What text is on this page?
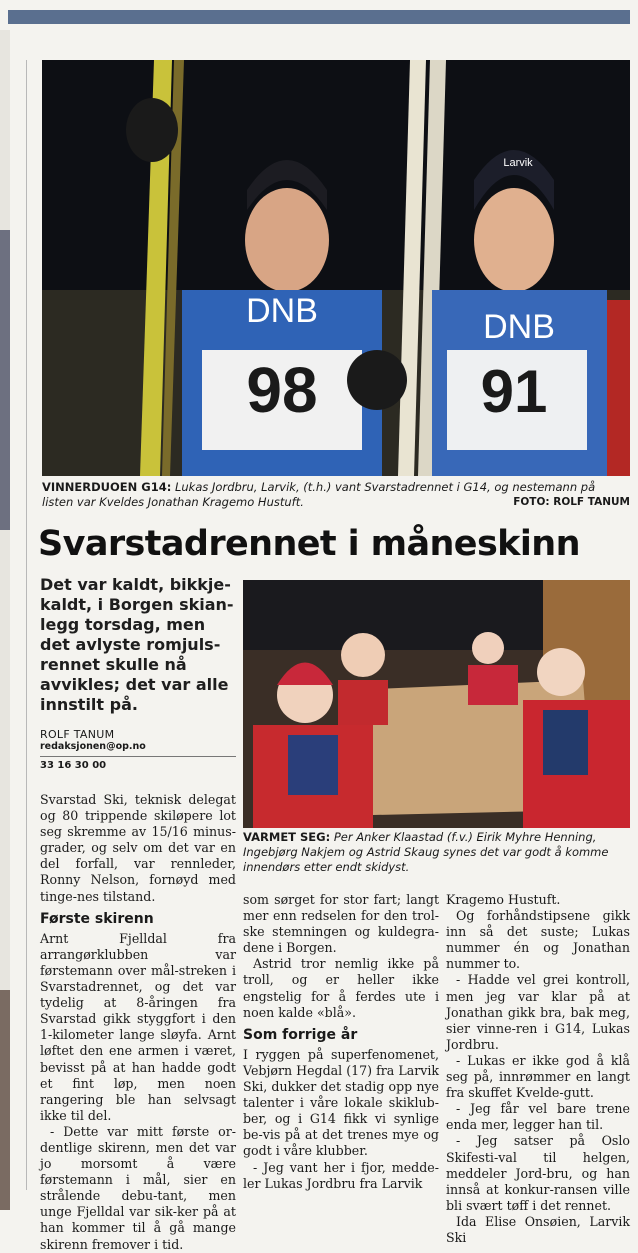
DNB
98
DNB
91
Larvik
VINNERDUOEN G14: Lukas Jordbru, Larvik, (t.h.) vant Svarstadrennet i G14, og nestemann på listen var Kveldes Jonathan Kragemo Hustuft.	FOTO: ROLF TANUM
Svarstadrennet i måneskinn
Det var kaldt, bikkje-kaldt, i Borgen skian-legg torsdag, men det avlyste romjuls-rennet skulle nå avvikles; det var alle innstilt på.
ROLF TANUM
redaksjonen@op.no
33 16 30 00
VARMET SEG: Per Anker Klaastad (f.v.) Eirik Myhre Henning, Ingebjørg Nakjem og Astrid Skaug synes det var godt å komme innendørs etter endt skidyst.

Svarstad Ski, teknisk delegat og 80 trippende skiløpere lot seg skremme av 15/16 minus-grader, og selv om det var en del forfall, var rennleder, Ronny Nelson, fornøyd med tinge-nes tilstand.

Første skirenn

Arnt Fjelldal fra arrangørklubben var førstemann over mål-streken i Svarstadrennet, og det var tydelig at 8-åringen fra Svarstad gikk styggfort i den 1-kilometer lange sløyfa. Arnt løftet den ene armen i været, bevisst på at han hadde godt et fint løp, men noen rangering ble han selvsagt ikke til del.

- Dette var mitt første or-dentlige skirenn, men det var jo morsomt å være førstemann i mål, sier en strålende debu-tant, men unge Fjelldal var sik-ker på at han kommer til å gå mange skirenn fremover i tid.

som sørget for stor fart; langt mer enn redselen for den trol-ske stemningen og kuldegra-dene i Borgen.

Astrid tror nemlig ikke på troll, og er heller ikke engstelig for å ferdes ute i noen kalde «blå».

Som forrige år

I ryggen på superfenomenet, Vebjørn Hegdal (17) fra Larvik Ski, dukker det stadig opp nye talenter i våre lokale skiklub-ber, og i G14 fikk vi synlige be-vis på at det trenes mye og godt i våre klubber.

- Jeg vant her i fjor, medde-ler Lukas Jordbru fra Larvik

Kragemo Hustuft.

Og forhåndstipsene gikk inn så det suste; Lukas nummer én og Jonathan nummer to.

- Hadde vel grei kontroll, men jeg var klar på at Jonathan gikk bra, bak meg, sier vinne-ren i G14, Lukas Jordbru.

- Lukas er ikke god å klå seg på, innrømmer en langt fra skuffet Kvelde-gutt.

- Jeg får vel bare trene enda mer, legger han til.

- Jeg satser på Oslo Skifesti-val til helgen, meddeler Jord-bru, og han innså at konkur-ransen ville bli svært tøff i det rennet.

Ida Elise Onsøien, Larvik Ski
